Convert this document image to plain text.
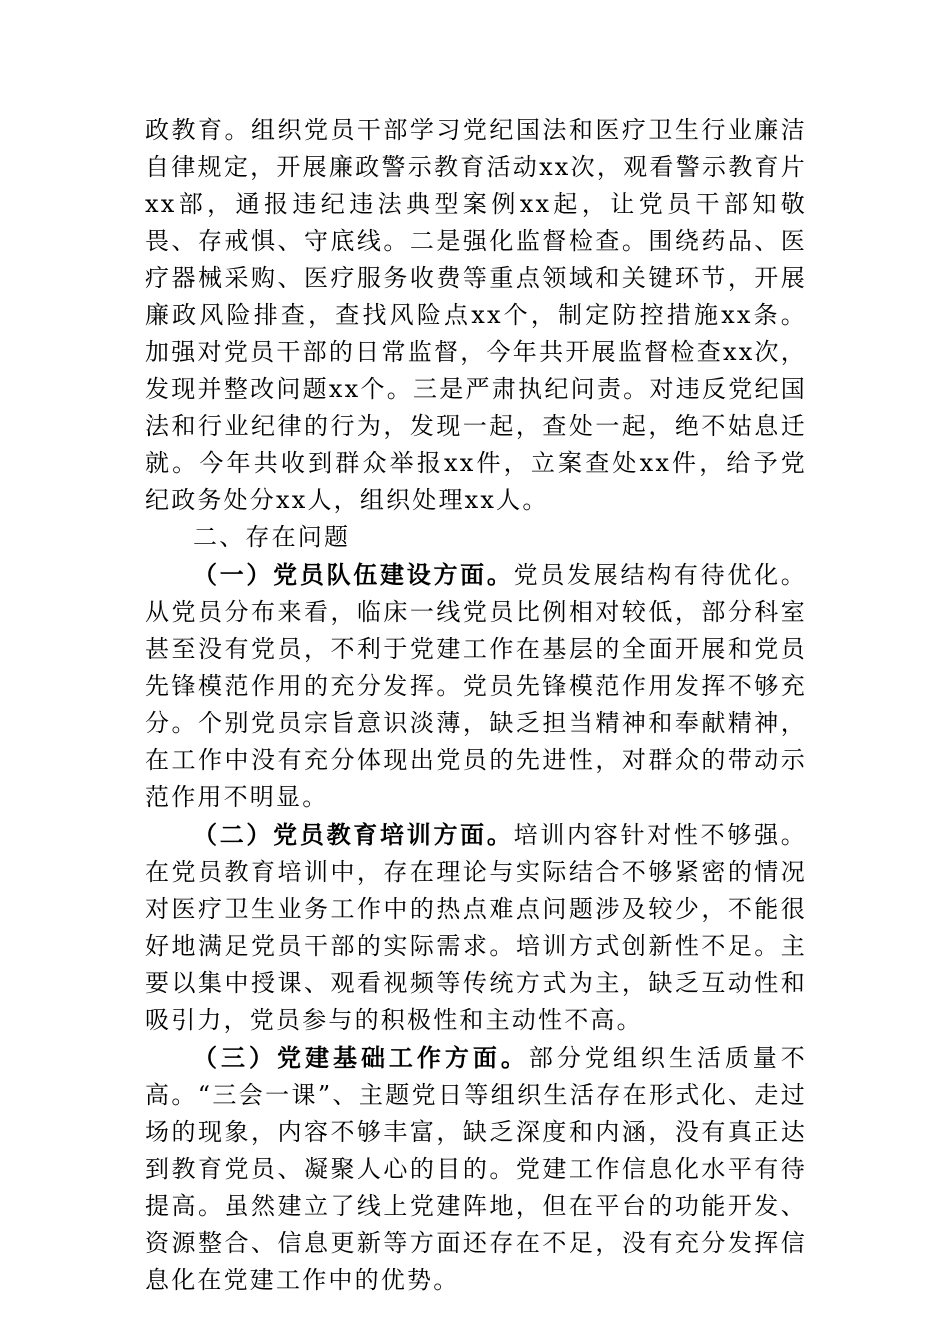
政教育。组织党员干部学习党纪国法和医疗卫生行业廉洁自律规定，开展廉政警示教育活动xx次，观看警示教育片xx部，通报违纪违法典型案例xx起，让党员干部知敬畏、存戒惧、守底线。二是强化监督检查。围绕药品、医疗器械采购、医疗服务收费等重点领域和关键环节，开展廉政风险排查，查找风险点xx个，制定防控措施xx条。加强对党员干部的日常监督，今年共开展监督检查xx次，发现并整改问题xx个。三是严肃执纪问责。对违反党纪国法和行业纪律的行为，发现一起，查处一起，绝不姑息迁就。今年共收到群众举报xx件，立案查处xx件，给予党纪政务处分xx人，组织处理xx人。

二、存在问题

（一）党员队伍建设方面。党员发展结构有待优化。从党员分布来看，临床一线党员比例相对较低，部分科室甚至没有党员，不利于党建工作在基层的全面开展和党员先锋模范作用的充分发挥。党员先锋模范作用发挥不够充分。个别党员宗旨意识淡薄，缺乏担当精神和奉献精神，在工作中没有充分体现出党员的先进性，对群众的带动示范作用不明显。

（二）党员教育培训方面。培训内容针对性不够强。在党员教育培训中，存在理论与实际结合不够紧密的情况对医疗卫生业务工作中的热点难点问题涉及较少，不能很好地满足党员干部的实际需求。培训方式创新性不足。主要以集中授课、观看视频等传统方式为主，缺乏互动性和吸引力，党员参与的积极性和主动性不高。

（三）党建基础工作方面。部分党组织生活质量不高。“三会一课”、主题党日等组织生活存在形式化、走过场的现象，内容不够丰富，缺乏深度和内涵，没有真正达到教育党员、凝聚人心的目的。党建工作信息化水平有待提高。虽然建立了线上党建阵地，但在平台的功能开发、资源整合、信息更新等方面还存在不足，没有充分发挥信息化在党建工作中的优势。
